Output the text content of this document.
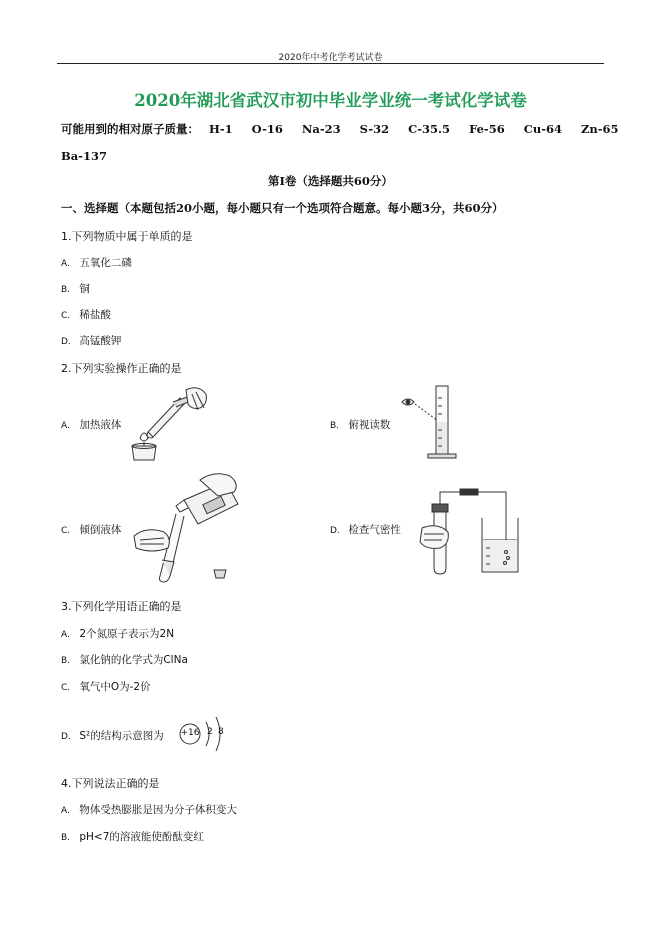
2020年中考化学考试试卷
2020年湖北省武汉市初中毕业学业统一考试化学试卷
可能用到的相对原子质量： H-1 O-16 Na-23 S-32 C-35.5 Fe-56 Cu-64 Zn-65
Ba-137
第I卷（选择题共60分）
一、选择题（本题包括20小题，每小题只有一个选项符合题意。每小题3分，共60分）
1.下列物质中属于单质的是
A. 五氧化二磷
B. 铜
C. 稀盐酸
D. 高锰酸钾
2.下列实验操作正确的是
A. 加热液体	B. 俯视读数
C. 倾倒液体	D. 检查气密性
3.下列化学用语正确的是
A. 2个氮原子表示为2N
B. 氯化钠的化学式为ClNa
C. 氧气中O为-2价
D. S²的结构示意图为 +16 2 8
4.下列说法正确的是
A. 物体受热膨胀是因为分子体积变大
B. pH<7的溶液能使酚酞变红
